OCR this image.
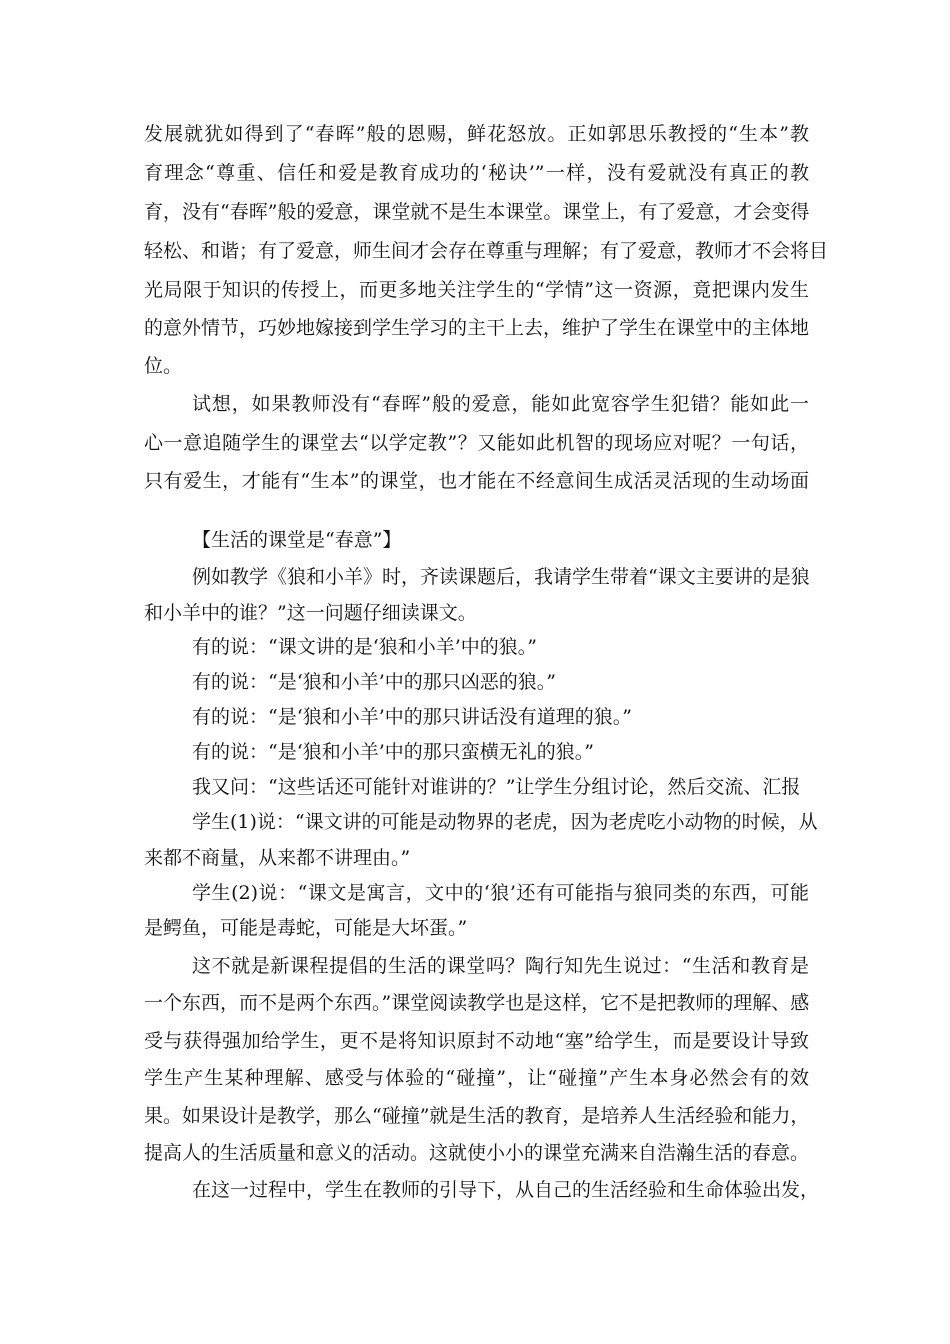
发展就犹如得到了“春晖”般的恩赐，鲜花怒放。正如郭思乐教授的“生本”教
育理念“尊重、信任和爱是教育成功的‘秘诀’”一样，没有爱就没有真正的教
育，没有“春晖”般的爱意，课堂就不是生本课堂。课堂上，有了爱意，才会变得
轻松、和谐；有了爱意，师生间才会存在尊重与理解；有了爱意，教师才不会将目
光局限于知识的传授上，而更多地关注学生的“学情”这一资源，竟把课内发生
的意外情节，巧妙地嫁接到学生学习的主干上去，维护了学生在课堂中的主体地
位。
试想，如果教师没有“春晖”般的爱意，能如此宽容学生犯错？能如此一
心一意追随学生的课堂去“以学定教”？又能如此机智的现场应对呢？一句话，
只有爱生，才能有“生本”的课堂，也才能在不经意间生成活灵活现的生动场面
【生活的课堂是“春意”】
例如教学《狼和小羊》时，齐读课题后，我请学生带着“课文主要讲的是狼
和小羊中的谁？”这一问题仔细读课文。
有的说：“课文讲的是‘狼和小羊’中的狼。”
有的说：“是‘狼和小羊’中的那只凶恶的狼。”
有的说：“是‘狼和小羊’中的那只讲话没有道理的狼。”
有的说：“是‘狼和小羊’中的那只蛮横无礼的狼。”
我又问：“这些话还可能针对谁讲的？”让学生分组讨论，然后交流、汇报
学生(1)说：“课文讲的可能是动物界的老虎，因为老虎吃小动物的时候，从
来都不商量，从来都不讲理由。”
学生(2)说：“课文是寓言，文中的‘狼’还有可能指与狼同类的东西，可能
是鳄鱼，可能是毒蛇，可能是大坏蛋。”
这不就是新课程提倡的生活的课堂吗？陶行知先生说过：“生活和教育是
一个东西，而不是两个东西。”课堂阅读教学也是这样，它不是把教师的理解、感
受与获得强加给学生，更不是将知识原封不动地“塞”给学生，而是要设计导致
学生产生某种理解、感受与体验的“碰撞”，让“碰撞”产生本身必然会有的效
果。如果设计是教学，那么“碰撞”就是生活的教育，是培养人生活经验和能力，
提高人的生活质量和意义的活动。这就使小小的课堂充满来自浩瀚生活的春意。
在这一过程中，学生在教师的引导下，从自己的生活经验和生命体验出发，
